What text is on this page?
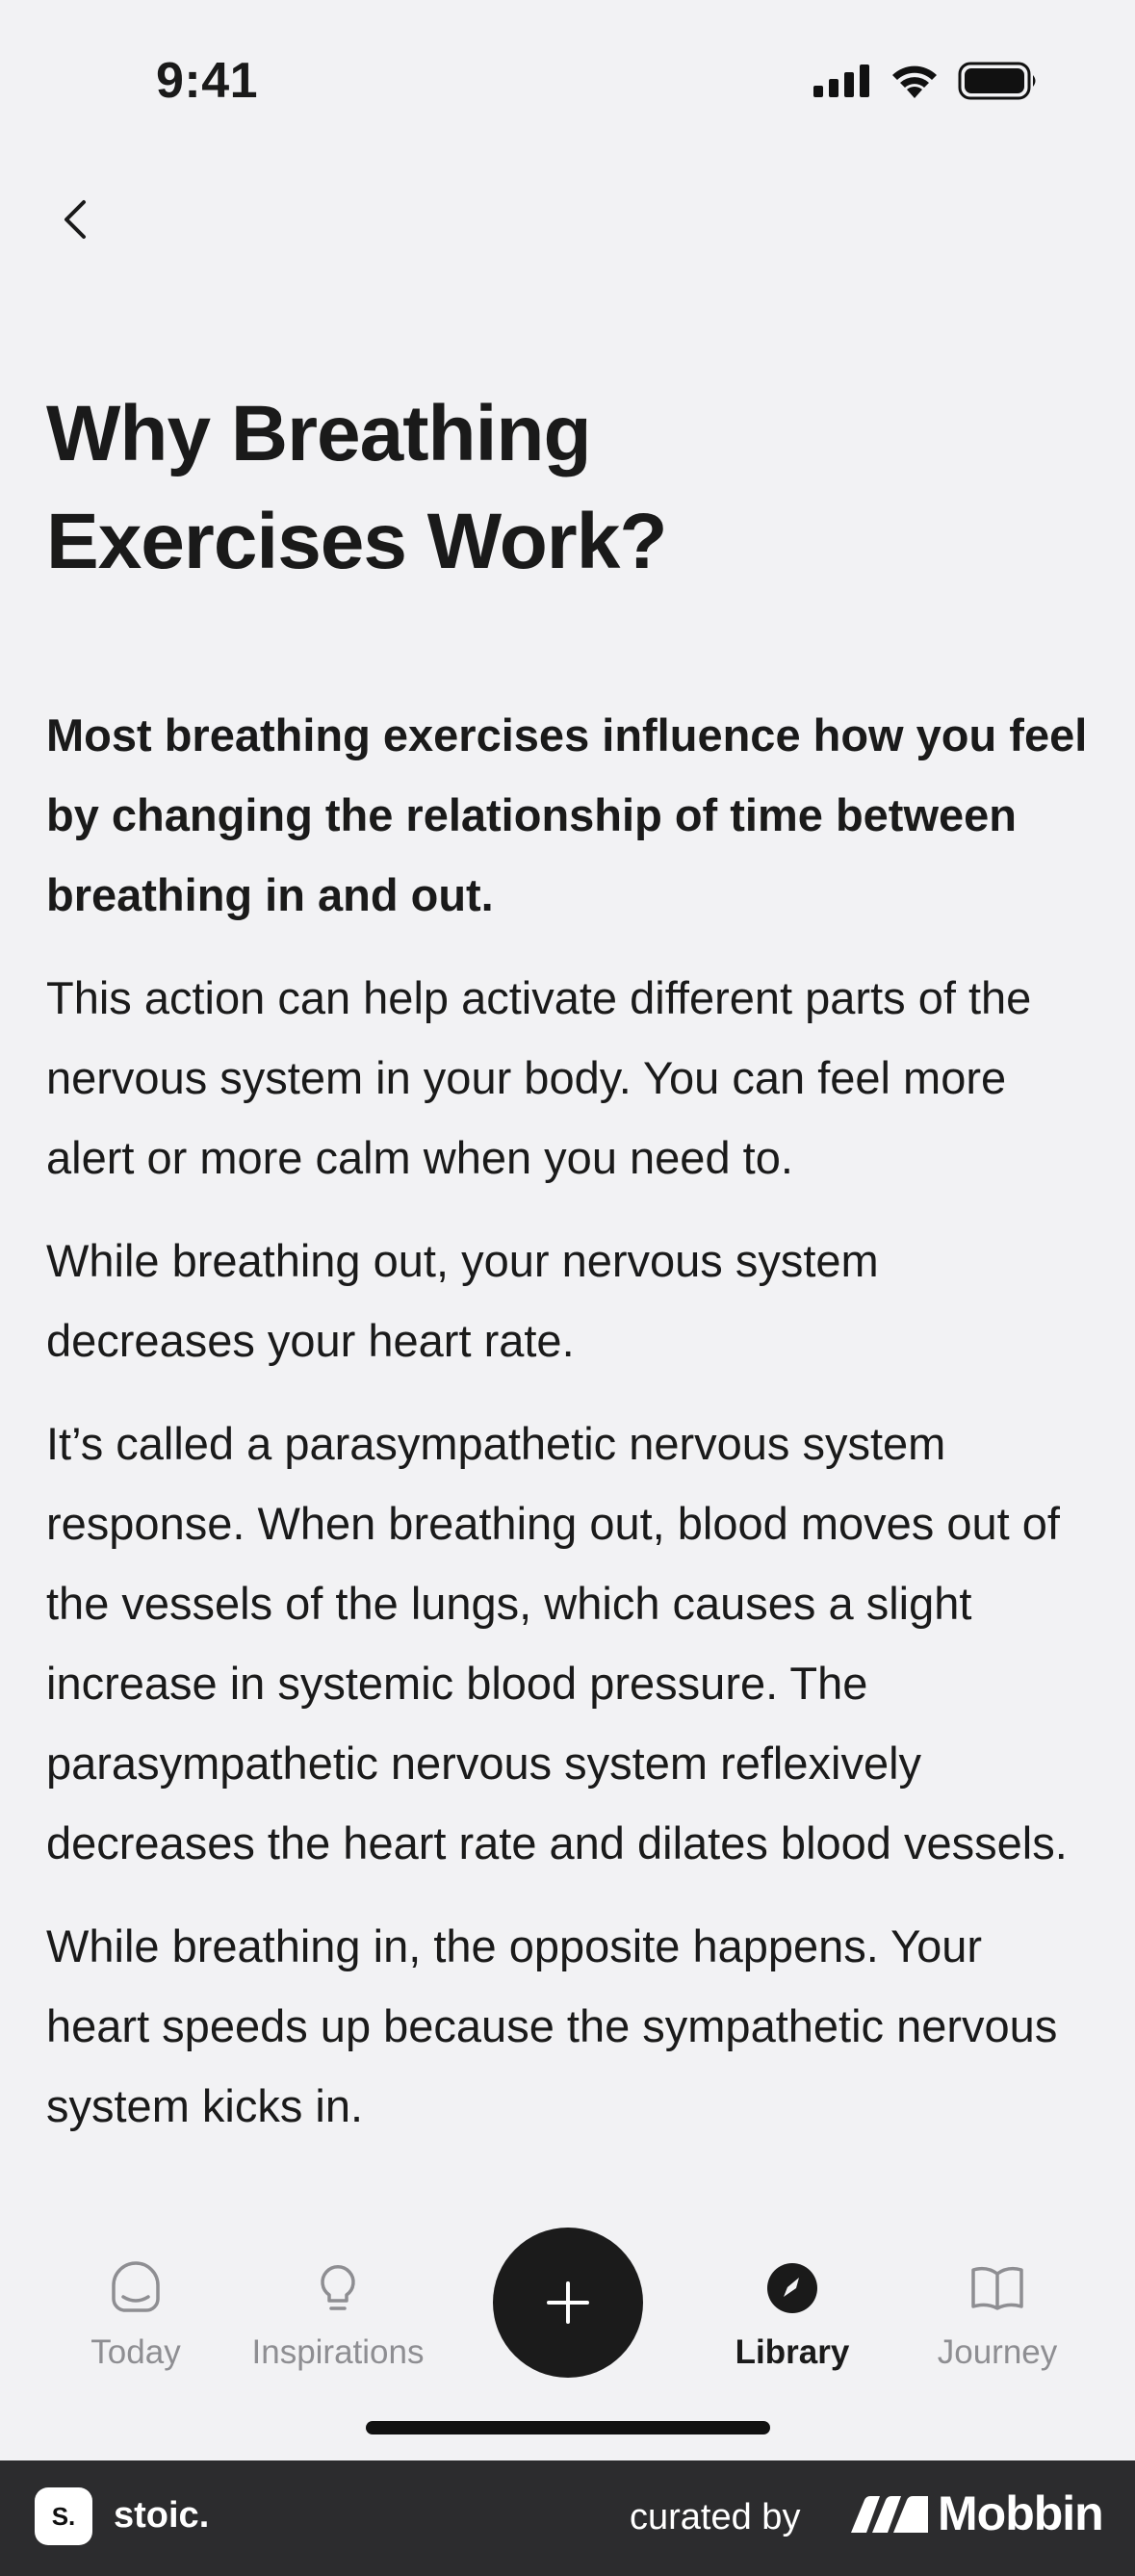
9:41
Why Breathing
Exercises Work?

Most breathing exercises influence how you feel by changing the relationship of time between breathing in and out.

This action can help activate different parts of the nervous system in your body. You can feel more alert or more calm when you need to.

While breathing out, your nervous system decreases your heart rate.

It’s called a parasympathetic nervous system response. When breathing out, blood moves out of the vessels of the lungs, which causes a slight increase in systemic blood pressure. The parasympathetic nervous system reflexively decreases the heart rate and dilates blood vessels.

While breathing in, the opposite happens. Your heart speeds up because the sympathetic nervous system kicks in.

Today Inspirations	Library	Journey
S.	stoic.	curated by	Mobbin
